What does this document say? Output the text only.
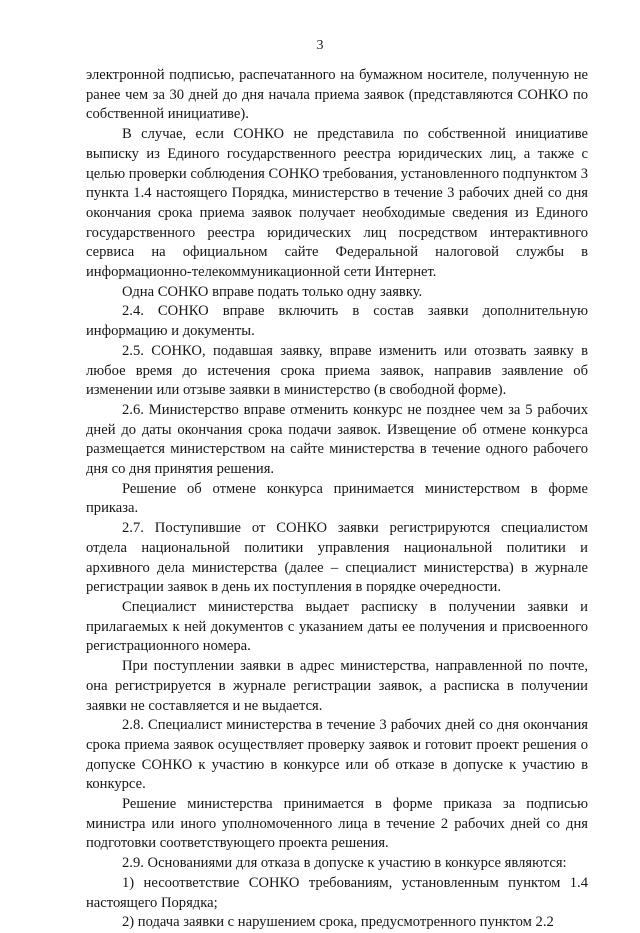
3

электронной подписью, распечатанного на бумажном носителе, полученную не ранее чем за 30 дней до дня начала приема заявок (представляются СОНКО по собственной инициативе).

В случае, если СОНКО не представила по собственной инициативе выписку из Единого государственного реестра юридических лиц, а также с целью проверки соблюдения СОНКО требования, установленного подпунктом 3 пункта 1.4 настоящего Порядка, министерство в течение 3 рабочих дней со дня окончания срока приема заявок получает необходимые сведения из Единого государственного реестра юридических лиц посредством интерактивного сервиса на официальном сайте Федеральной налоговой службы в информационно-телекоммуникационной сети Интернет.

Одна СОНКО вправе подать только одну заявку.

2.4. СОНКО вправе включить в состав заявки дополнительную информацию и документы.

2.5. СОНКО, подавшая заявку, вправе изменить или отозвать заявку в любое время до истечения срока приема заявок, направив заявление об изменении или отзыве заявки в министерство (в свободной форме).

2.6. Министерство вправе отменить конкурс не позднее чем за 5 рабочих дней до даты окончания срока подачи заявок. Извещение об отмене конкурса размещается министерством на сайте министерства в течение одного рабочего дня со дня принятия решения.

Решение об отмене конкурса принимается министерством в форме приказа.

2.7. Поступившие от СОНКО заявки регистрируются специалистом отдела национальной политики управления национальной политики и архивного дела министерства (далее – специалист министерства) в журнале регистрации заявок в день их поступления в порядке очередности.

Специалист министерства выдает расписку в получении заявки и прилагаемых к ней документов с указанием даты ее получения и присвоенного регистрационного номера.

При поступлении заявки в адрес министерства, направленной по почте, она регистрируется в журнале регистрации заявок, а расписка в получении заявки не составляется и не выдается.

2.8. Специалист министерства в течение 3 рабочих дней со дня окончания срока приема заявок осуществляет проверку заявок и готовит проект решения о допуске СОНКО к участию в конкурсе или об отказе в допуске к участию в конкурсе.

Решение министерства принимается в форме приказа за подписью министра или иного уполномоченного лица в течение 2 рабочих дней со дня подготовки соответствующего проекта решения.

2.9. Основаниями для отказа в допуске к участию в конкурсе являются:

1) несоответствие СОНКО требованиям, установленным пунктом 1.4 настоящего Порядка;

2) подача заявки с нарушением срока, предусмотренного пунктом 2.2
